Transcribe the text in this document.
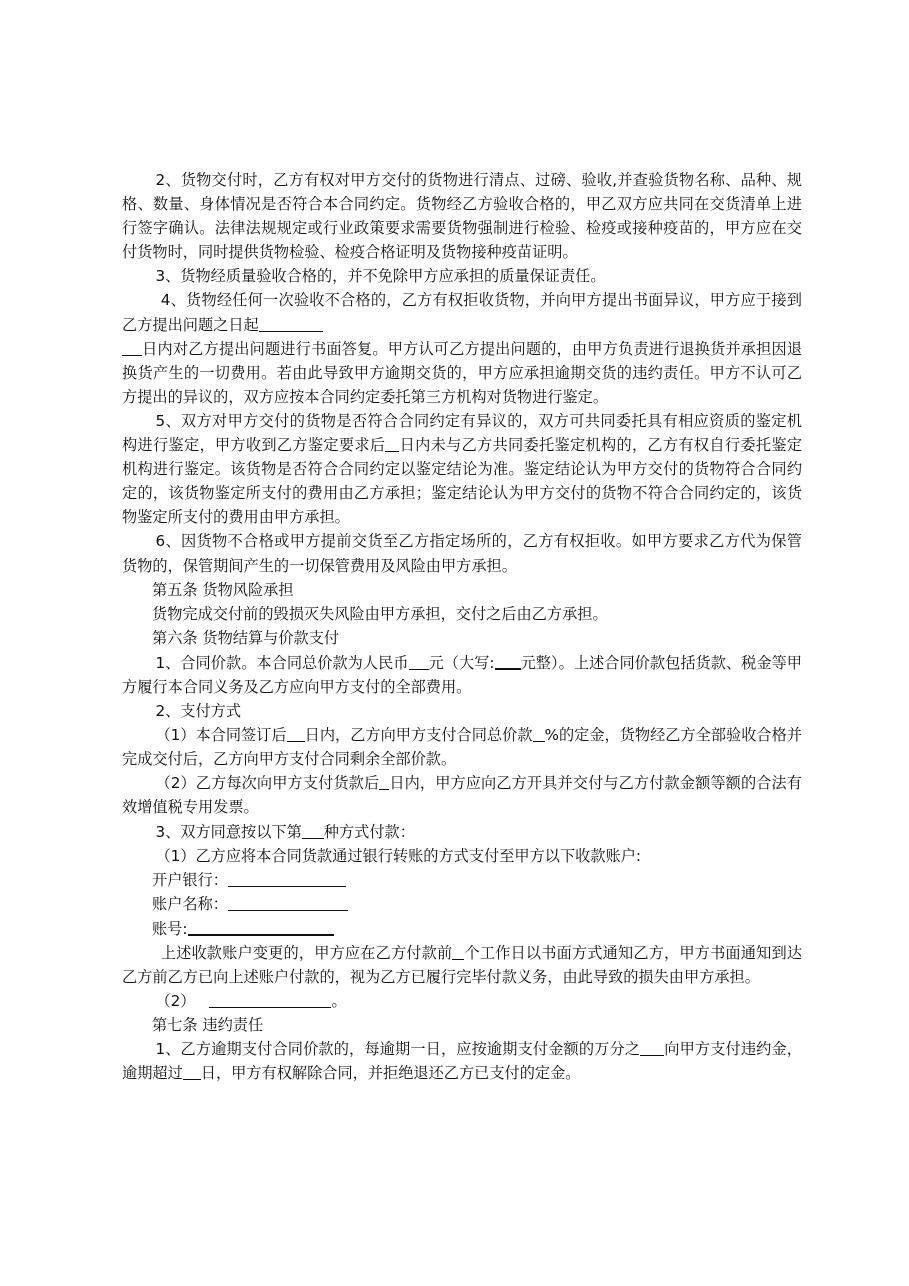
2、货物交付时，乙方有权对甲方交付的货物进行清点、过磅、验收,并查验货物名称、品种、规格、数量、身体情况是否符合本合同约定。货物经乙方验收合格的，甲乙双方应共同在交货清单上进行签字确认。法律法规规定或行业政策要求需要货物强制进行检验、检疫或接种疫苗的，甲方应在交付货物时，同时提供货物检验、检疫合格证明及货物接种疫苗证明。

3、货物经质量验收合格的，并不免除甲方应承担的质量保证责任。

4、货物经任何一次验收不合格的，乙方有权拒收货物，并向甲方提出书面异议，甲方应于接到乙方提出问题之日起

日内对乙方提出问题进行书面答复。甲方认可乙方提出问题的，由甲方负责进行退换货并承担因退换货产生的一切费用。若由此导致甲方逾期交货的，甲方应承担逾期交货的违约责任。甲方不认可乙方提出的异议的，双方应按本合同约定委托第三方机构对货物进行鉴定。

5、双方对甲方交付的货物是否符合合同约定有异议的，双方可共同委托具有相应资质的鉴定机构进行鉴定，甲方收到乙方鉴定要求后 日内未与乙方共同委托鉴定机构的，乙方有权自行委托鉴定机构进行鉴定。该货物是否符合合同约定以鉴定结论为准。鉴定结论认为甲方交付的货物符合合同约定的，该货物鉴定所支付的费用由乙方承担；鉴定结论认为甲方交付的货物不符合合同约定的，该货物鉴定所支付的费用由甲方承担。

6、因货物不合格或甲方提前交货至乙方指定场所的，乙方有权拒收。如甲方要求乙方代为保管货物的，保管期间产生的一切保管费用及风险由甲方承担。

第五条 货物风险承担

货物完成交付前的毁损灭失风险由甲方承担，交付之后由乙方承担。

第六条 货物结算与价款支付

1、合同价款。本合同总价款为人民币 元（大写: 元整）。上述合同价款包括货款、税金等甲方履行本合同义务及乙方应向甲方支付的全部费用。

2、支付方式

（1）本合同签订后 日内，乙方向甲方支付合同总价款 %的定金，货物经乙方全部验收合格并完成交付后，乙方向甲方支付合同剩余全部价款。

（2）乙方每次向甲方支付货款后 日内，甲方应向乙方开具并交付与乙方付款金额等额的合法有效增值税专用发票。

3、双方同意按以下第 种方式付款：

（1）乙方应将本合同货款通过银行转账的方式支付至甲方以下收款账户:

开户银行：

账户名称：

账号:

上述收款账户变更的，甲方应在乙方付款前 个工作日以书面方式通知乙方，甲方书面通知到达乙方前乙方已向上述账户付款的，视为乙方已履行完毕付款义务，由此导致的损失由甲方承担。

（2）	。

第七条 违约责任

1、乙方逾期支付合同价款的，每逾期一日，应按逾期支付金额的万分之 向甲方支付违约金，逾期超过 日，甲方有权解除合同，并拒绝退还乙方已支付的定金。
